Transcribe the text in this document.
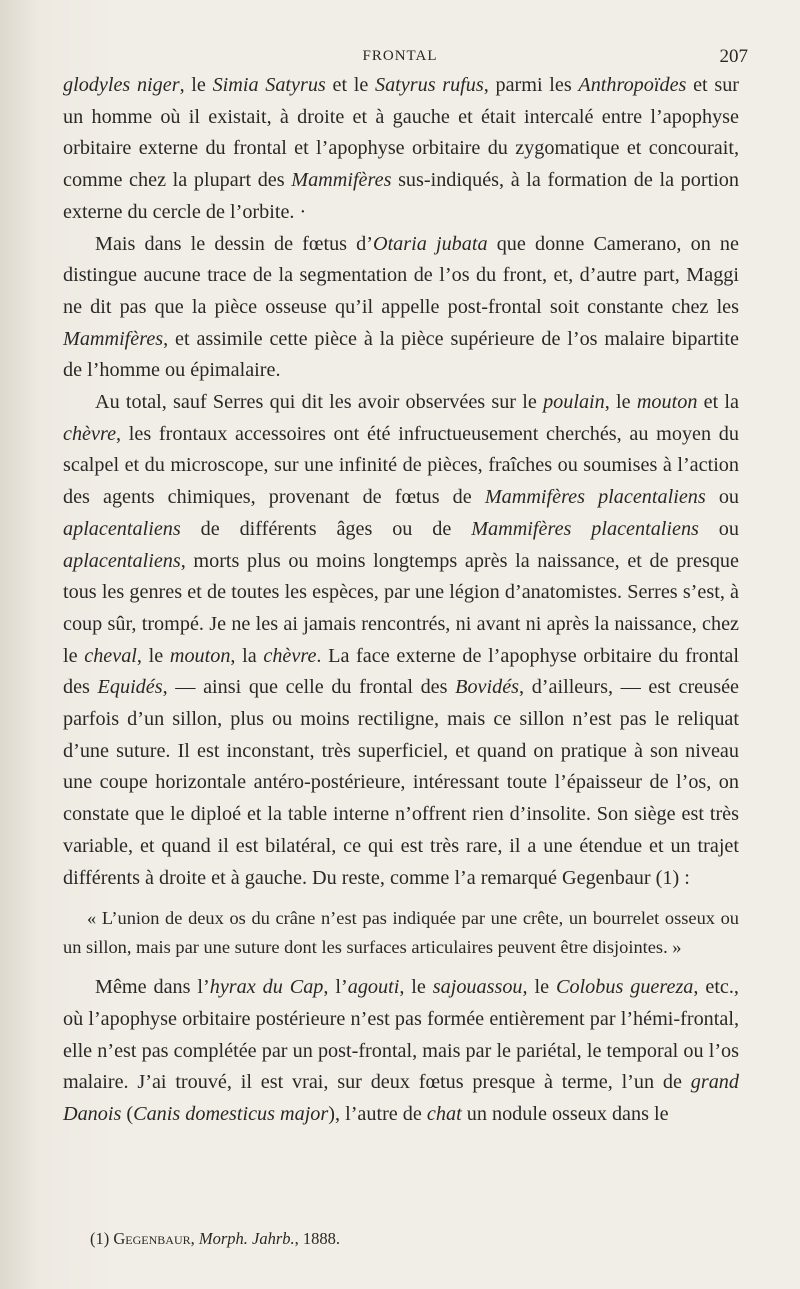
FRONTAL	207

glodyles niger, le Simia Satyrus et le Satyrus rufus, parmi les Anthropoïdes et sur un homme où il existait, à droite et à gauche et était intercalé entre l’apophyse orbitaire externe du frontal et l’apophyse orbitaire du zygomatique et concourait, comme chez la plupart des Mammifères sus-indiqués, à la formation de la portion externe du cercle de l’orbite. ·

Mais dans le dessin de fœtus d’Otaria jubata que donne Camerano, on ne distingue aucune trace de la segmentation de l’os du front, et, d’autre part, Maggi ne dit pas que la pièce osseuse qu’il appelle post-frontal soit constante chez les Mammifères, et assimile cette pièce à la pièce supérieure de l’os malaire bipartite de l’homme ou épimalaire.

Au total, sauf Serres qui dit les avoir observées sur le poulain, le mouton et la chèvre, les frontaux accessoires ont été infructueusement cherchés, au moyen du scalpel et du microscope, sur une infinité de pièces, fraîches ou soumises à l’action des agents chimiques, provenant de fœtus de Mammifères placentaliens ou aplacentaliens de différents âges ou de Mammifères placentaliens ou aplacentaliens, morts plus ou moins longtemps après la naissance, et de presque tous les genres et de toutes les espèces, par une légion d’anatomistes. Serres s’est, à coup sûr, trompé. Je ne les ai jamais rencontrés, ni avant ni après la naissance, chez le cheval, le mouton, la chèvre. La face externe de l’apophyse orbitaire du frontal des Equidés, — ainsi que celle du frontal des Bovidés, d’ailleurs, — est creusée parfois d’un sillon, plus ou moins rectiligne, mais ce sillon n’est pas le reliquat d’une suture. Il est inconstant, très superficiel, et quand on pratique à son niveau une coupe horizontale antéro-postérieure, intéressant toute l’épaisseur de l’os, on constate que le diploé et la table interne n’offrent rien d’insolite. Son siège est très variable, et quand il est bilatéral, ce qui est très rare, il a une étendue et un trajet différents à droite et à gauche. Du reste, comme l’a remarqué Gegenbaur (1) :

« L’union de deux os du crâne n’est pas indiquée par une crête, un bourrelet osseux ou un sillon, mais par une suture dont les surfaces articulaires peuvent être disjointes. »

Même dans l’hyrax du Cap, l’agouti, le sajouassou, le Colobus guereza, etc., où l’apophyse orbitaire postérieure n’est pas formée entièrement par l’hémi-frontal, elle n’est pas complétée par un post-frontal, mais par le pariétal, le temporal ou l’os malaire. J’ai trouvé, il est vrai, sur deux fœtus presque à terme, l’un de grand Danois (Canis domesticus major), l’autre de chat un nodule osseux dans le

(1) Gegenbaur, Morph. Jahrb., 1888.
